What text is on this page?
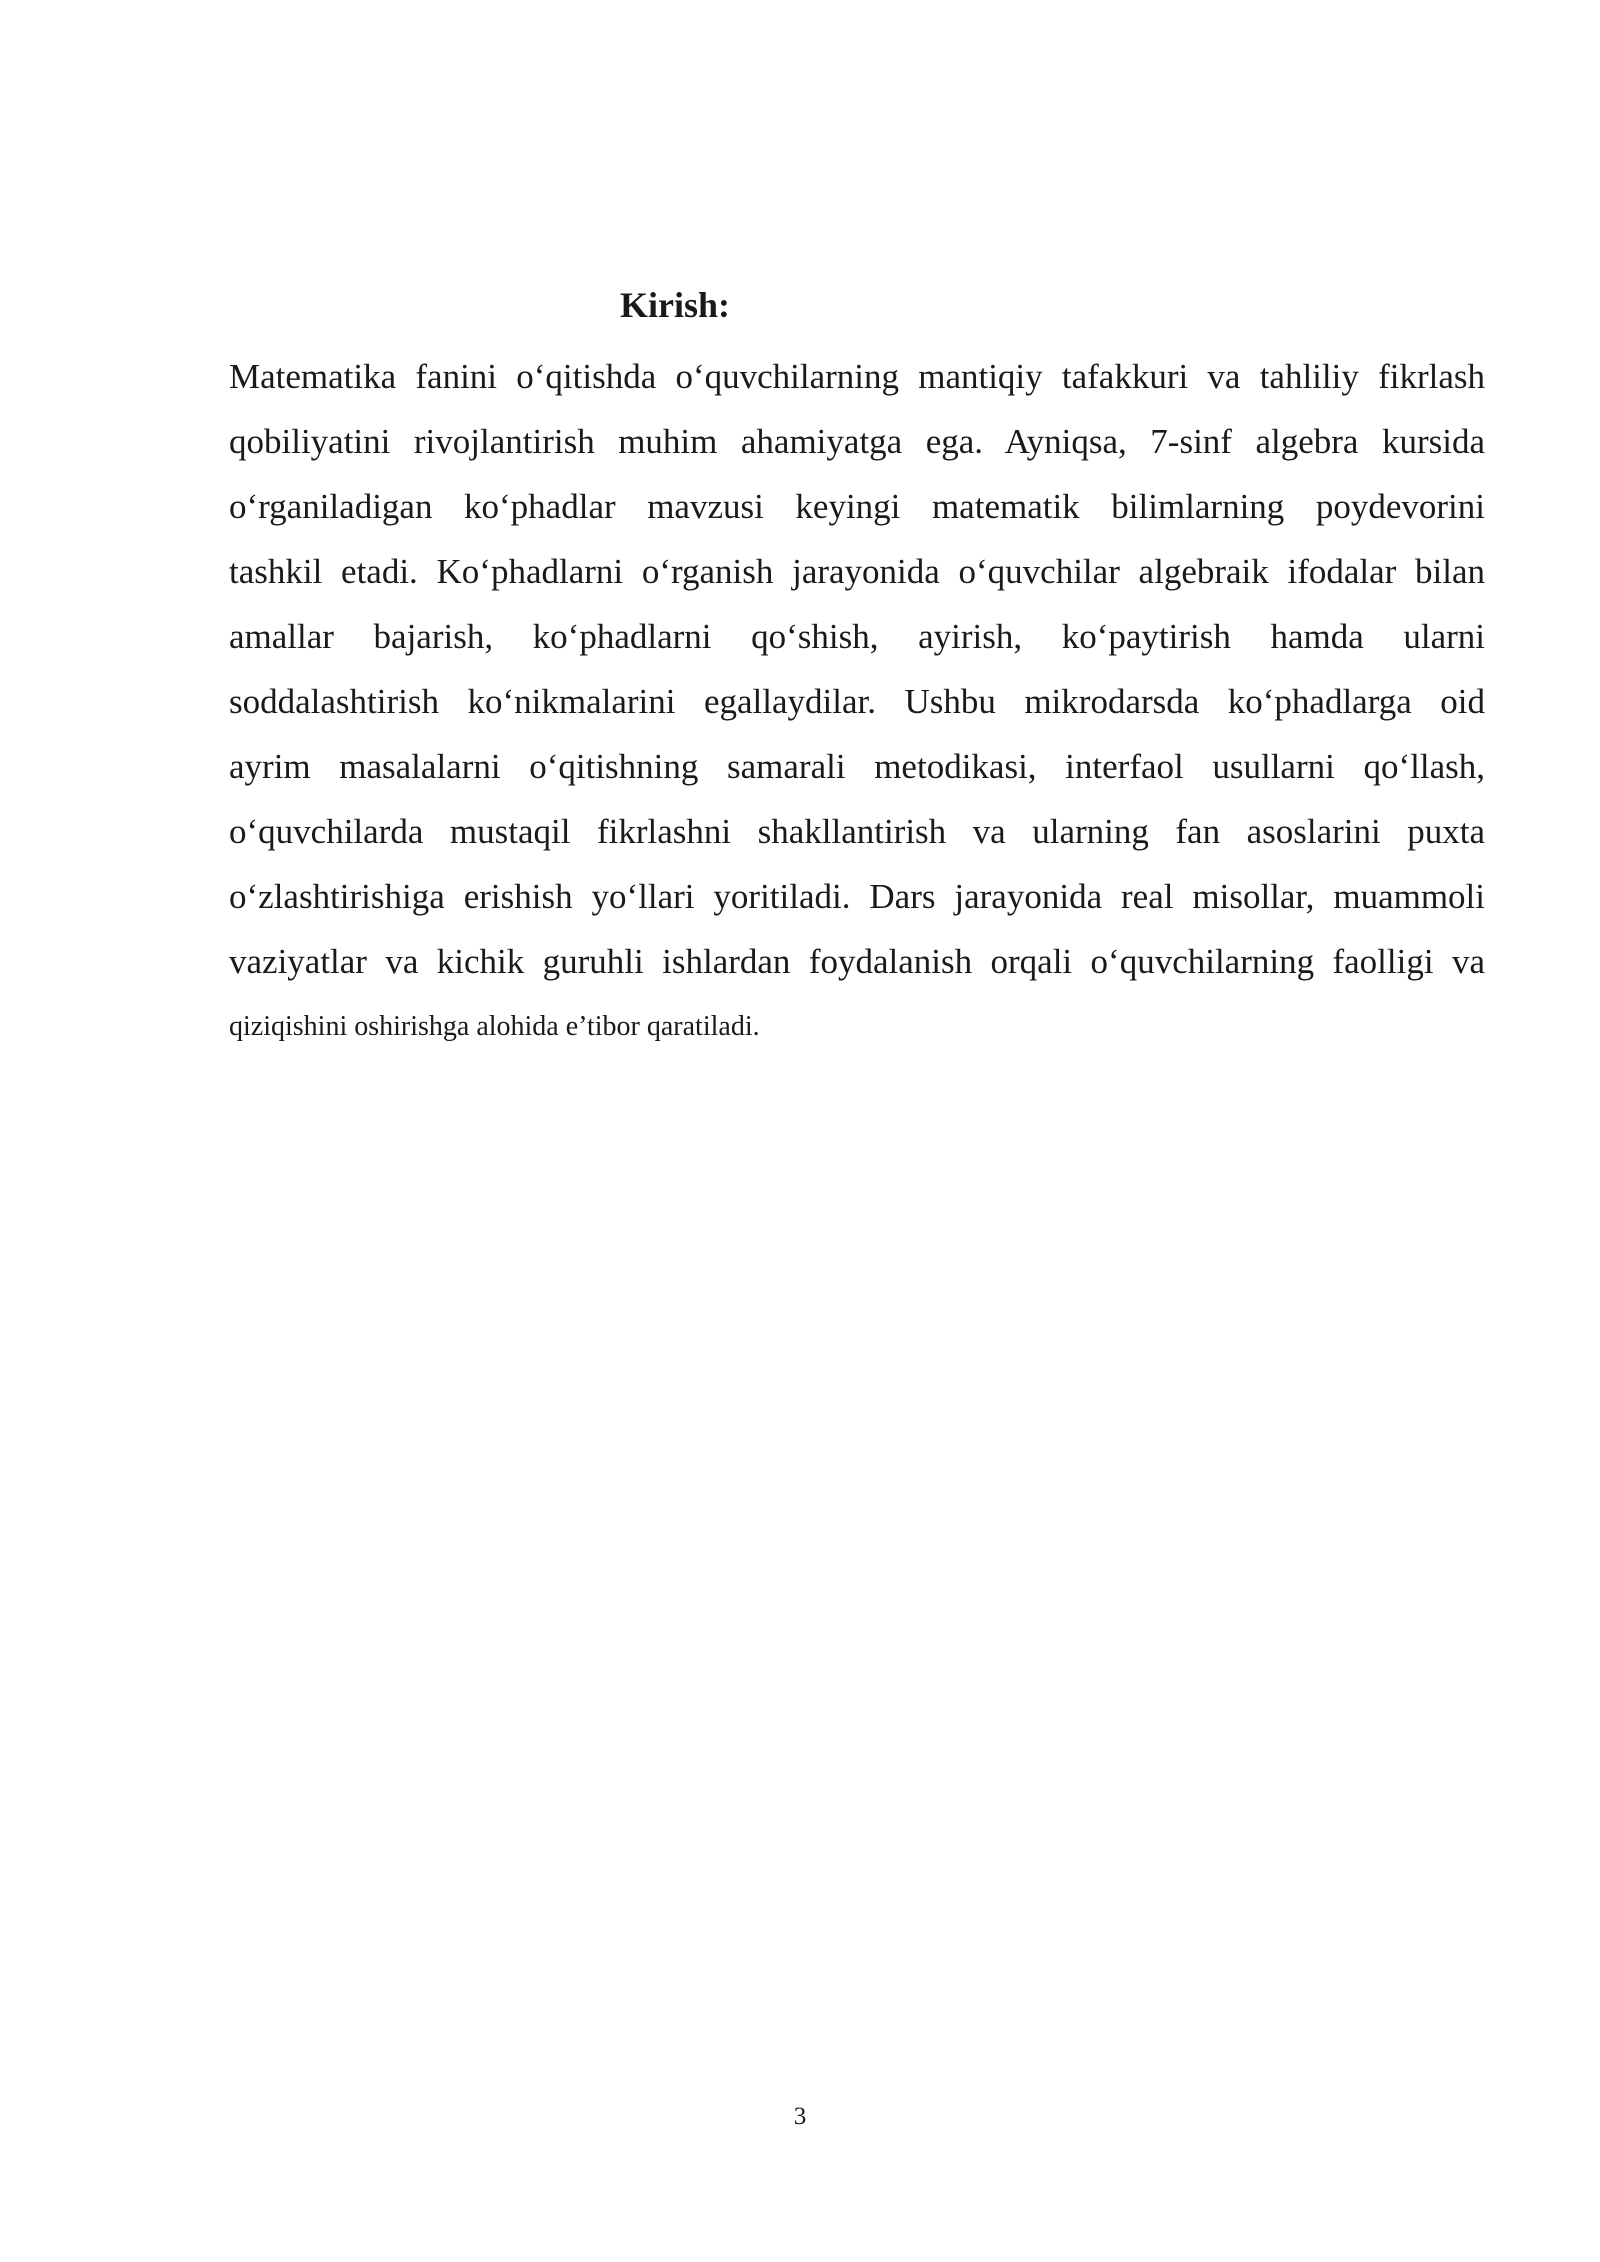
Kirish:
Matematika fanini o‘qitishda o‘quvchilarning mantiqiy tafakkuri va tahliliy fikrlash
qobiliyatini rivojlantirish muhim ahamiyatga ega. Ayniqsa, 7-sinf algebra kursida
o‘rganiladigan ko‘phadlar mavzusi keyingi matematik bilimlarning poydevorini
tashkil etadi. Ko‘phadlarni o‘rganish jarayonida o‘quvchilar algebraik ifodalar bilan
amallar bajarish, ko‘phadlarni qo‘shish, ayirish, ko‘paytirish hamda ularni
soddalashtirish ko‘nikmalarini egallaydilar. Ushbu mikrodarsda ko‘phadlarga oid
ayrim masalalarni o‘qitishning samarali metodikasi, interfaol usullarni qo‘llash,
o‘quvchilarda mustaqil fikrlashni shakllantirish va ularning fan asoslarini puxta
o‘zlashtirishiga erishish yo‘llari yoritiladi. Dars jarayonida real misollar, muammoli
vaziyatlar va kichik guruhli ishlardan foydalanish orqali o‘quvchilarning faolligi va
qiziqishini oshirishga alohida e’tibor qaratiladi.
3
